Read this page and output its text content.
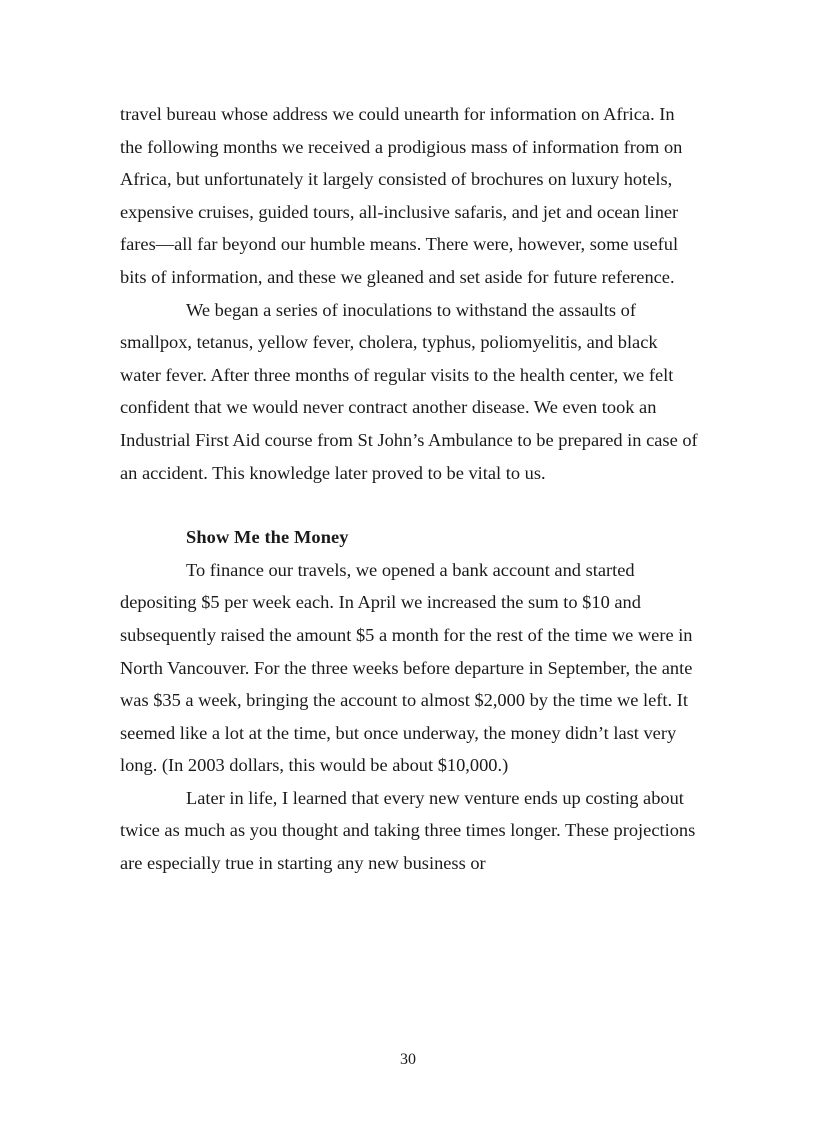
travel bureau whose address we could unearth for information on Africa. In the following months we received a prodigious mass of information from on Africa, but unfortunately it largely consisted of brochures on luxury hotels, expensive cruises, guided tours, all-inclusive safaris, and jet and ocean liner fares—all far beyond our humble means. There were, however, some useful bits of information, and these we gleaned and set aside for future reference.

We began a series of inoculations to withstand the assaults of smallpox, tetanus, yellow fever, cholera, typhus, poliomyelitis, and black water fever. After three months of regular visits to the health center, we felt confident that we would never contract another disease. We even took an Industrial First Aid course from St John’s Ambulance to be prepared in case of an accident. This knowledge later proved to be vital to us.

Show Me the Money

To finance our travels, we opened a bank account and started depositing $5 per week each. In April we increased the sum to $10 and subsequently raised the amount $5 a month for the rest of the time we were in North Vancouver. For the three weeks before departure in September, the ante was $35 a week, bringing the account to almost $2,000 by the time we left. It seemed like a lot at the time, but once underway, the money didn’t last very long. (In 2003 dollars, this would be about $10,000.)

Later in life, I learned that every new venture ends up costing about twice as much as you thought and taking three times longer. These projections are especially true in starting any new business or

30
